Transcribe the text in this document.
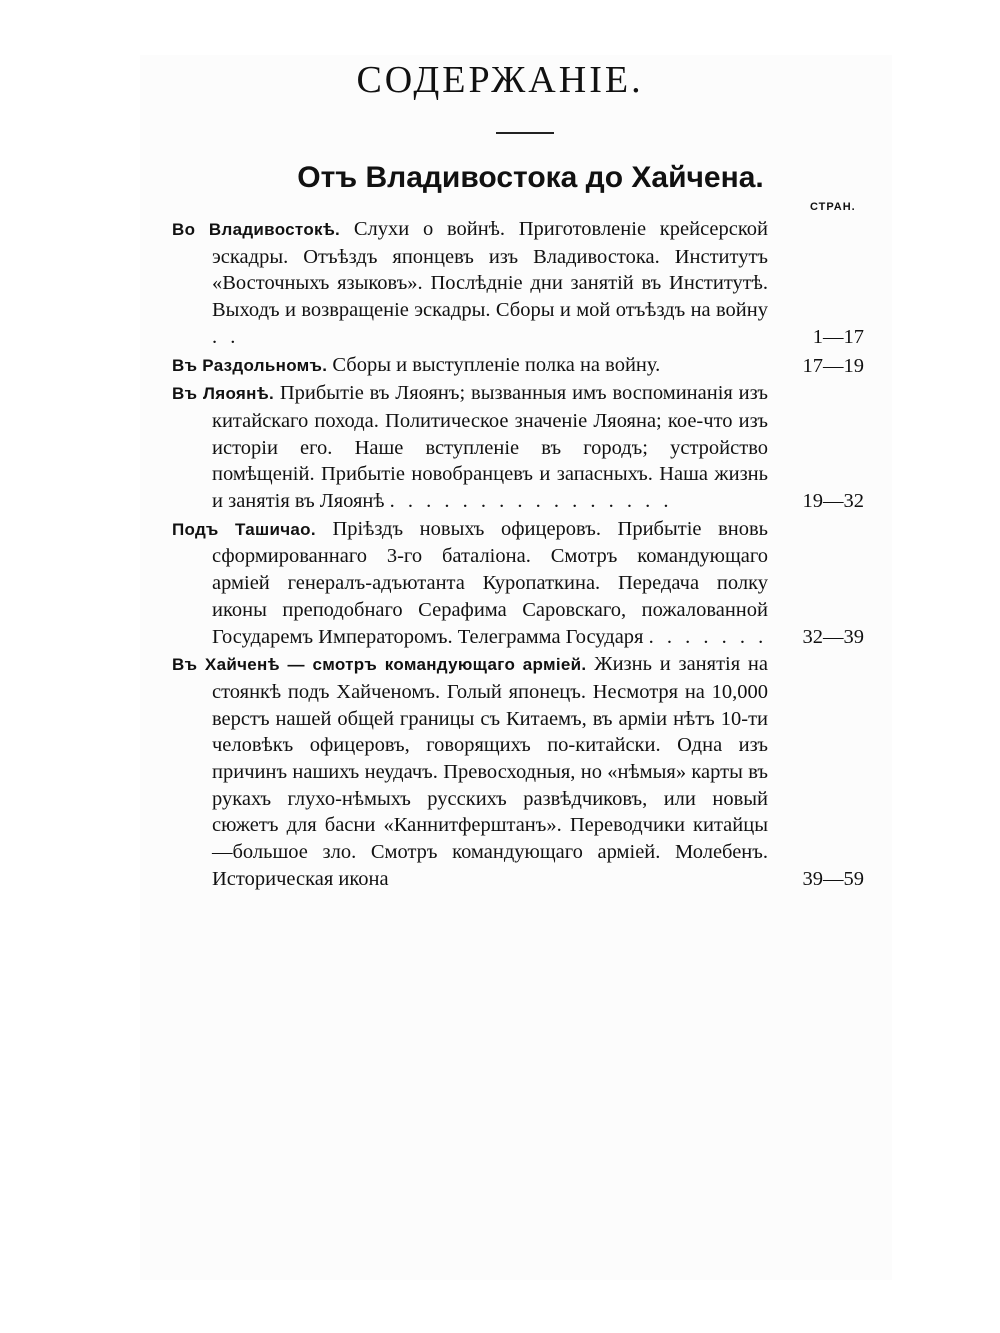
СОДЕРЖАНІЕ.
Отъ Владивостока до Хайчена.
СТРАН.
Во Владивостокѣ. Слухи о войнѣ. Приготовленіе крейсерской эскадры. Отъѣздъ японцевъ изъ Владивостока. Институтъ «Восточныхъ языковъ». Послѣдніе дни занятій въ Институтѣ. Выходъ и возвращеніе эскадры. Сборы и мой отъѣздъ на войну . .	1—17
Въ Раздольномъ. Сборы и выступленіе полка на войну.	17—19
Въ Ляоянѣ. Прибытіе въ Ляоянъ; вызванныя имъ воспоминанія изъ китайскаго похода. Политическое значеніе Ляояна; кое-что изъ исторіи его. Наше вступленіе въ городъ; устройство помѣщеній. Прибытіе новобранцевъ и запасныхъ. Наша жизнь и занятія въ Ляоянѣ . . . . . . . . . . . . . . . .	19—32
Подъ Ташичао. Пріѣздъ новыхъ офицеровъ. Прибытіе вновь сформированнаго 3-го баталіона. Смотръ командующаго арміей генералъ-адъютанта Куропаткина. Передача полку иконы преподобнаго Серафима Саровскаго, пожалованной Государемъ Императоромъ. Телеграмма Государя . . . . . . .	32—39
Въ Хайченѣ — смотръ командующаго арміей. Жизнь и занятія на стоянкѣ подъ Хайченомъ. Голый японецъ. Несмотря на 10,000 верстъ нашей общей границы съ Китаемъ, въ арміи нѣтъ 10-ти человѣкъ офицеровъ, говорящихъ по-китайски. Одна изъ причинъ нашихъ неудачъ. Превосходныя, но «нѣмыя» карты въ рукахъ глухо-нѣмыхъ русскихъ развѣдчиковъ, или новый сюжетъ для басни «Каннитферштанъ». Переводчики китайцы—большое зло. Смотръ командующаго арміей. Молебенъ. Историческая икона	39—59
